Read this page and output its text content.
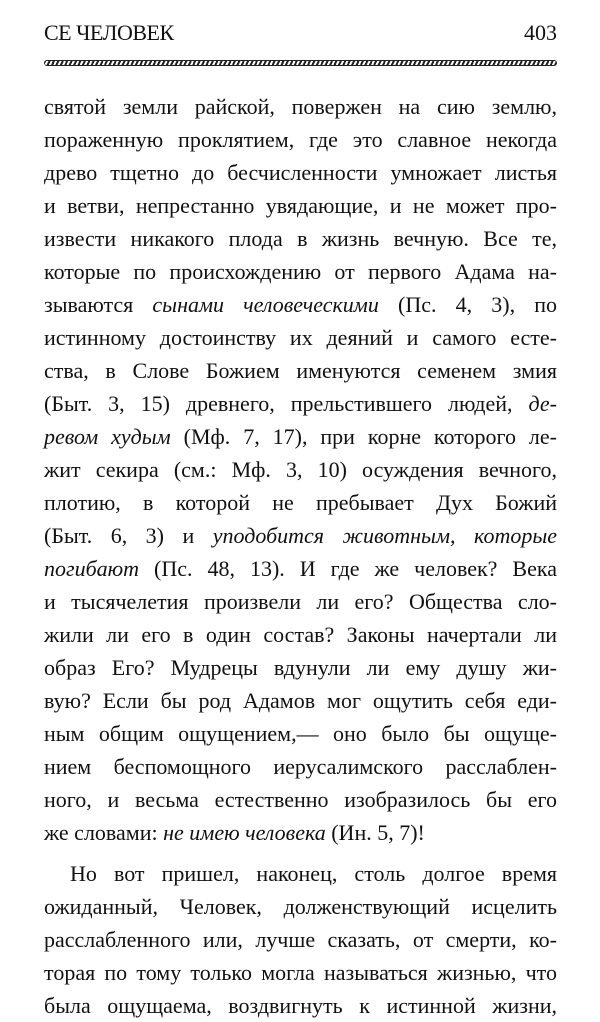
СЕ ЧЕЛОВЕК	403
святой земли райской, повержен на сию землю,
пораженную проклятием, где это славное некогда
древо тщетно до бесчисленности умножает листья
и ветви, непрестанно увядающие, и не может про-
извести никакого плода в жизнь вечную. Все те,
которые по происхождению от первого Адама на-
зываются сынами человеческими (Пс. 4, 3), по
истинному достоинству их деяний и самого есте-
ства, в Слове Божием именуются семенем змия
(Быт. 3, 15) древнего, прельстившего людей, де-
ревом худым (Мф. 7, 17), при корне которого ле-
жит секира (см.: Мф. 3, 10) осуждения вечного,
плотию, в которой не пребывает Дух Божий
(Быт. 6, 3) и уподобится животным, которые
погибают (Пс. 48, 13). И где же человек? Века
и тысячелетия произвели ли его? Общества сло-
жили ли его в один состав? Законы начертали ли
образ Его? Мудрецы вдунули ли ему душу жи-
вую? Если бы род Адамов мог ощутить себя еди-
ным общим ощущением,— оно было бы ощуще-
нием беспомощного иерусалимского расслаблен-
ного, и весьма естественно изобразилось бы его
же словами: не имею человека (Ин. 5, 7)!
Но вот пришел, наконец, столь долгое время
ожиданный, Человек, долженствующий исцелить
расслабленного или, лучше сказать, от смерти, ко-
торая по тому только могла называться жизнью, что
была ощущаема, воздвигнуть к истинной жизни,
